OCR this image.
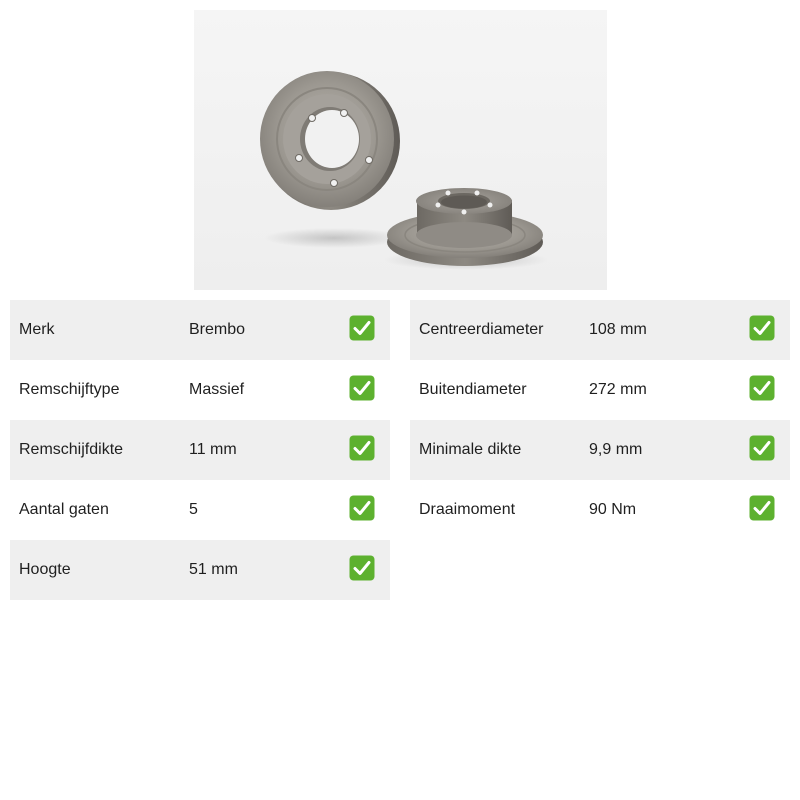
Merk	Brembo
Remschijftype	Massief
Remschijfdikte	11 mm
Aantal gaten	5
Hoogte	51 mm
Centreerdiameter	108 mm
Buitendiameter	272 mm
Minimale dikte	9,9 mm
Draaimoment	90 Nm
